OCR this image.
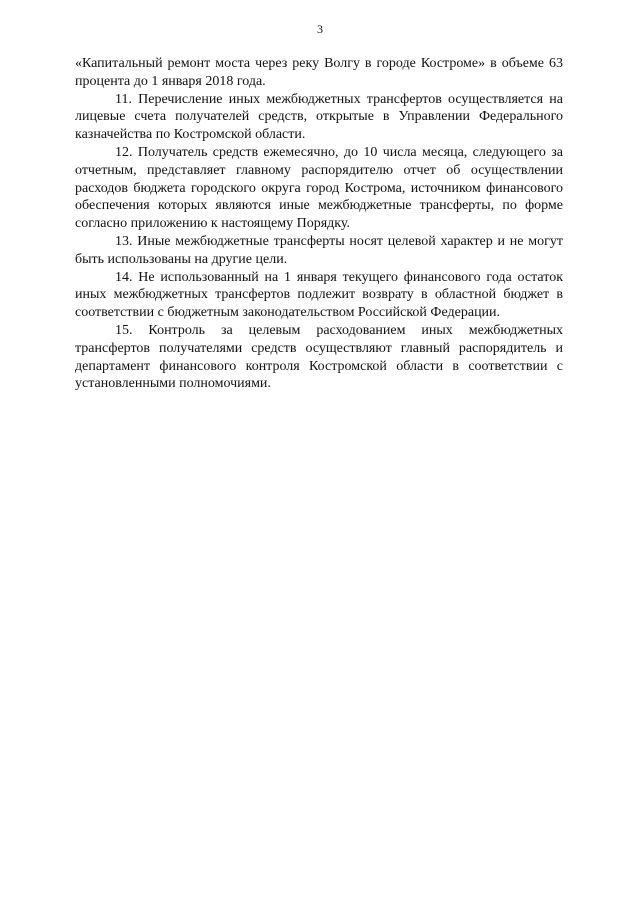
3

«Капитальный ремонт моста через реку Волгу в городе Костроме» в объеме 63 процента до 1 января 2018 года.

11. Перечисление иных межбюджетных трансфертов осуществляется на лицевые счета получателей средств, открытые в Управлении Федерального казначейства по Костромской области.

12. Получатель средств ежемесячно, до 10 числа месяца, следующего за отчетным, представляет главному распорядителю отчет об осуществлении расходов бюджета городского округа город Кострома, источником финансового обеспечения которых являются иные межбюджетные трансферты, по форме согласно приложению к настоящему Порядку.

13. Иные межбюджетные трансферты носят целевой характер и не могут быть использованы на другие цели.

14. Не использованный на 1 января текущего финансового года остаток иных межбюджетных трансфертов подлежит возврату в областной бюджет в соответствии с бюджетным законодательством Российской Федерации.

15. Контроль за целевым расходованием иных межбюджетных трансфертов получателями средств осуществляют главный распорядитель и департамент финансового контроля Костромской области в соответствии с установленными полномочиями.
